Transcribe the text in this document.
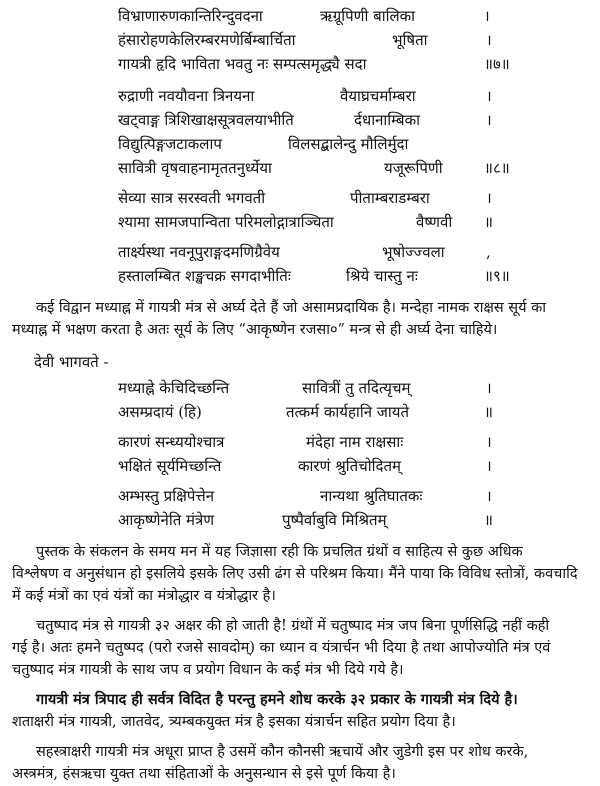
विभ्राणारुणकान्तिरिन्दुवदना	ऋग्रूपिणी बालिका	।
हंसारोहणकेलिरम्बरमणेर्बिम्बार्चिता	भूषिता	।
गायत्री हृदि भाविता भवतु नः सम्पत्समृद्ध्यै सदा	॥७॥
रुद्राणी नवयौवना त्रिनयना	वैयाघ्रचर्माम्बरा	।
खट्वाङ्ग त्रिशिखाक्षसूत्रवलयाभीति	र्दधानाम्बिका	।
विद्युत्पिङ्गजटाकलाप	विलसद्बालेन्दु मौलिर्मुदा
सावित्री वृषवाहनामृततनुर्ध्येया	यजूरूपिणी	॥८॥
सेव्या सात्र सरस्वती भगवती	पीताम्बराडम्बरा	।
श्यामा सामजपान्विता परिमलोद्गात्राञ्चिता	वैष्णवी ॥
तार्क्ष्यस्था नवनूपुराङ्गदमणिग्रैवेय	भूषोज्ज्वला	,
हस्तालम्बित शङ्खचक्र सगदाभीतिः	श्रिये चास्तु नः	॥९॥
कई विद्वान मध्याह्न में गायत्री मंत्र से अर्घ्य देते हैं जो असामप्रदायिक है। मन्देहा नामक राक्षस सूर्य का
मध्याह्न में भक्षण करता है अतः सूर्य के लिए “आकृष्णेन रजसा०” मन्त्र से ही अर्घ्य देना चाहिये।
देवी भागवते -
मध्याह्ने केचिदिच्छन्ति	सावित्रीं तु तदित्यृचम्	।
असम्प्रदायं (हि)	तत्कर्म कार्यहानि जायते	॥
कारणं सन्ध्ययोश्चात्र	मंदेहा नाम राक्षसाः	।
भक्षितं सूर्यमिच्छन्ति	कारणं श्रुतिचोदितम्	।
अम्भस्तु प्रक्षिपेत्तेन	नान्यथा श्रुतिघातकः	।
आकृष्णेनेति मंत्रेण	पुष्पैर्वाबुवि मिश्रितम्	॥
पुस्तक के संकलन के समय मन में यह जिज्ञासा रही कि प्रचलित ग्रंथों व साहित्य से कुछ अधिक
विश्लेषण व अनुसंधान हो इसलिये इसके लिए उसी ढंग से परिश्रम किया। मैंने पाया कि विविध स्तोत्रों, कवचादि
में कई मंत्रों का एवं यंत्रों का मंत्रोद्धार व यंत्रोद्धार है।
चतुष्पाद मंत्र से गायत्री ३२ अक्षर की हो जाती है! ग्रंथों में चतुष्पाद मंत्र जप बिना पूर्णसिद्धि नहीं कही
गई है। अतः हमने चतुष्पद (परो रजसे सावदोम्) का ध्यान व यंत्रार्चन भी दिया है तथा आपोज्योति मंत्र एवं
चतुष्पाद मंत्र गायत्री के साथ जप व प्रयोग विधान के कई मंत्र भी दिये गये है।
गायत्री मंत्र त्रिपाद ही सर्वत्र विदित है परन्तु हमने शोध करके ३२ प्रकार के गायत्री मंत्र दिये है।
शताक्षरी मंत्र गायत्री, जातवेद, त्र्यम्बकयुक्त मंत्र है इसका यंत्रार्चन सहित प्रयोग दिया है।
सहस्त्राक्षरी गायत्री मंत्र अधूरा प्राप्त है उसमें कौन कौनसी ऋचायें और जुडेगी इस पर शोध करके,
अस्त्रमंत्र, हंसऋचा युक्त तथा संहिताओं के अनुसन्धान से इसे पूर्ण किया है।
